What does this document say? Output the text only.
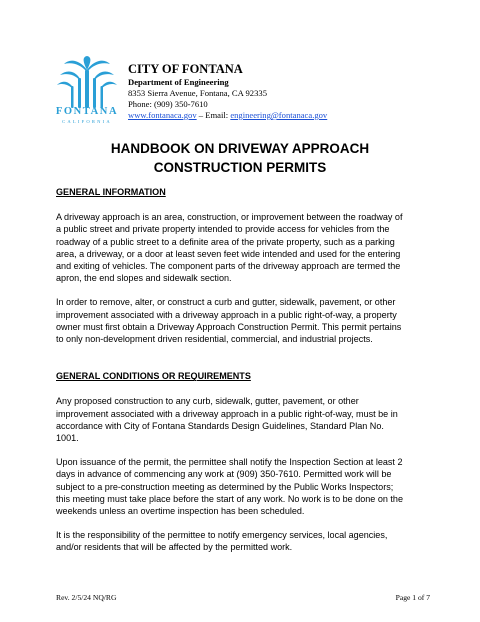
FONTANA
CALIFORNIA
CITY OF FONTANA
Department of Engineering
8353 Sierra Avenue, Fontana, CA 92335
Phone: (909) 350-7610
www.fontanaca.gov – Email: engineering@fontanaca.gov
HANDBOOK ON DRIVEWAY APPROACH
CONSTRUCTION PERMITS
GENERAL INFORMATION
A driveway approach is an area, construction, or improvement between the roadway of
a public street and private property intended to provide access for vehicles from the
roadway of a public street to a definite area of the private property, such as a parking
area, a driveway, or a door at least seven feet wide intended and used for the entering
and exiting of vehicles. The component parts of the driveway approach are termed the
apron, the end slopes and sidewalk section.
In order to remove, alter, or construct a curb and gutter, sidewalk, pavement, or other
improvement associated with a driveway approach in a public right-of-way, a property
owner must first obtain a Driveway Approach Construction Permit. This permit pertains
to only non-development driven residential, commercial, and industrial projects.
GENERAL CONDITIONS OR REQUIREMENTS
Any proposed construction to any curb, sidewalk, gutter, pavement, or other
improvement associated with a driveway approach in a public right-of-way, must be in
accordance with City of Fontana Standards Design Guidelines, Standard Plan No.
1001.
Upon issuance of the permit, the permittee shall notify the Inspection Section at least 2
days in advance of commencing any work at (909) 350-7610. Permitted work will be
subject to a pre-construction meeting as determined by the Public Works Inspectors;
this meeting must take place before the start of any work. No work is to be done on the
weekends unless an overtime inspection has been scheduled.
It is the responsibility of the permittee to notify emergency services, local agencies,
and/or residents that will be affected by the permitted work.
Rev. 2/5/24 NQ/RG	Page 1 of 7
